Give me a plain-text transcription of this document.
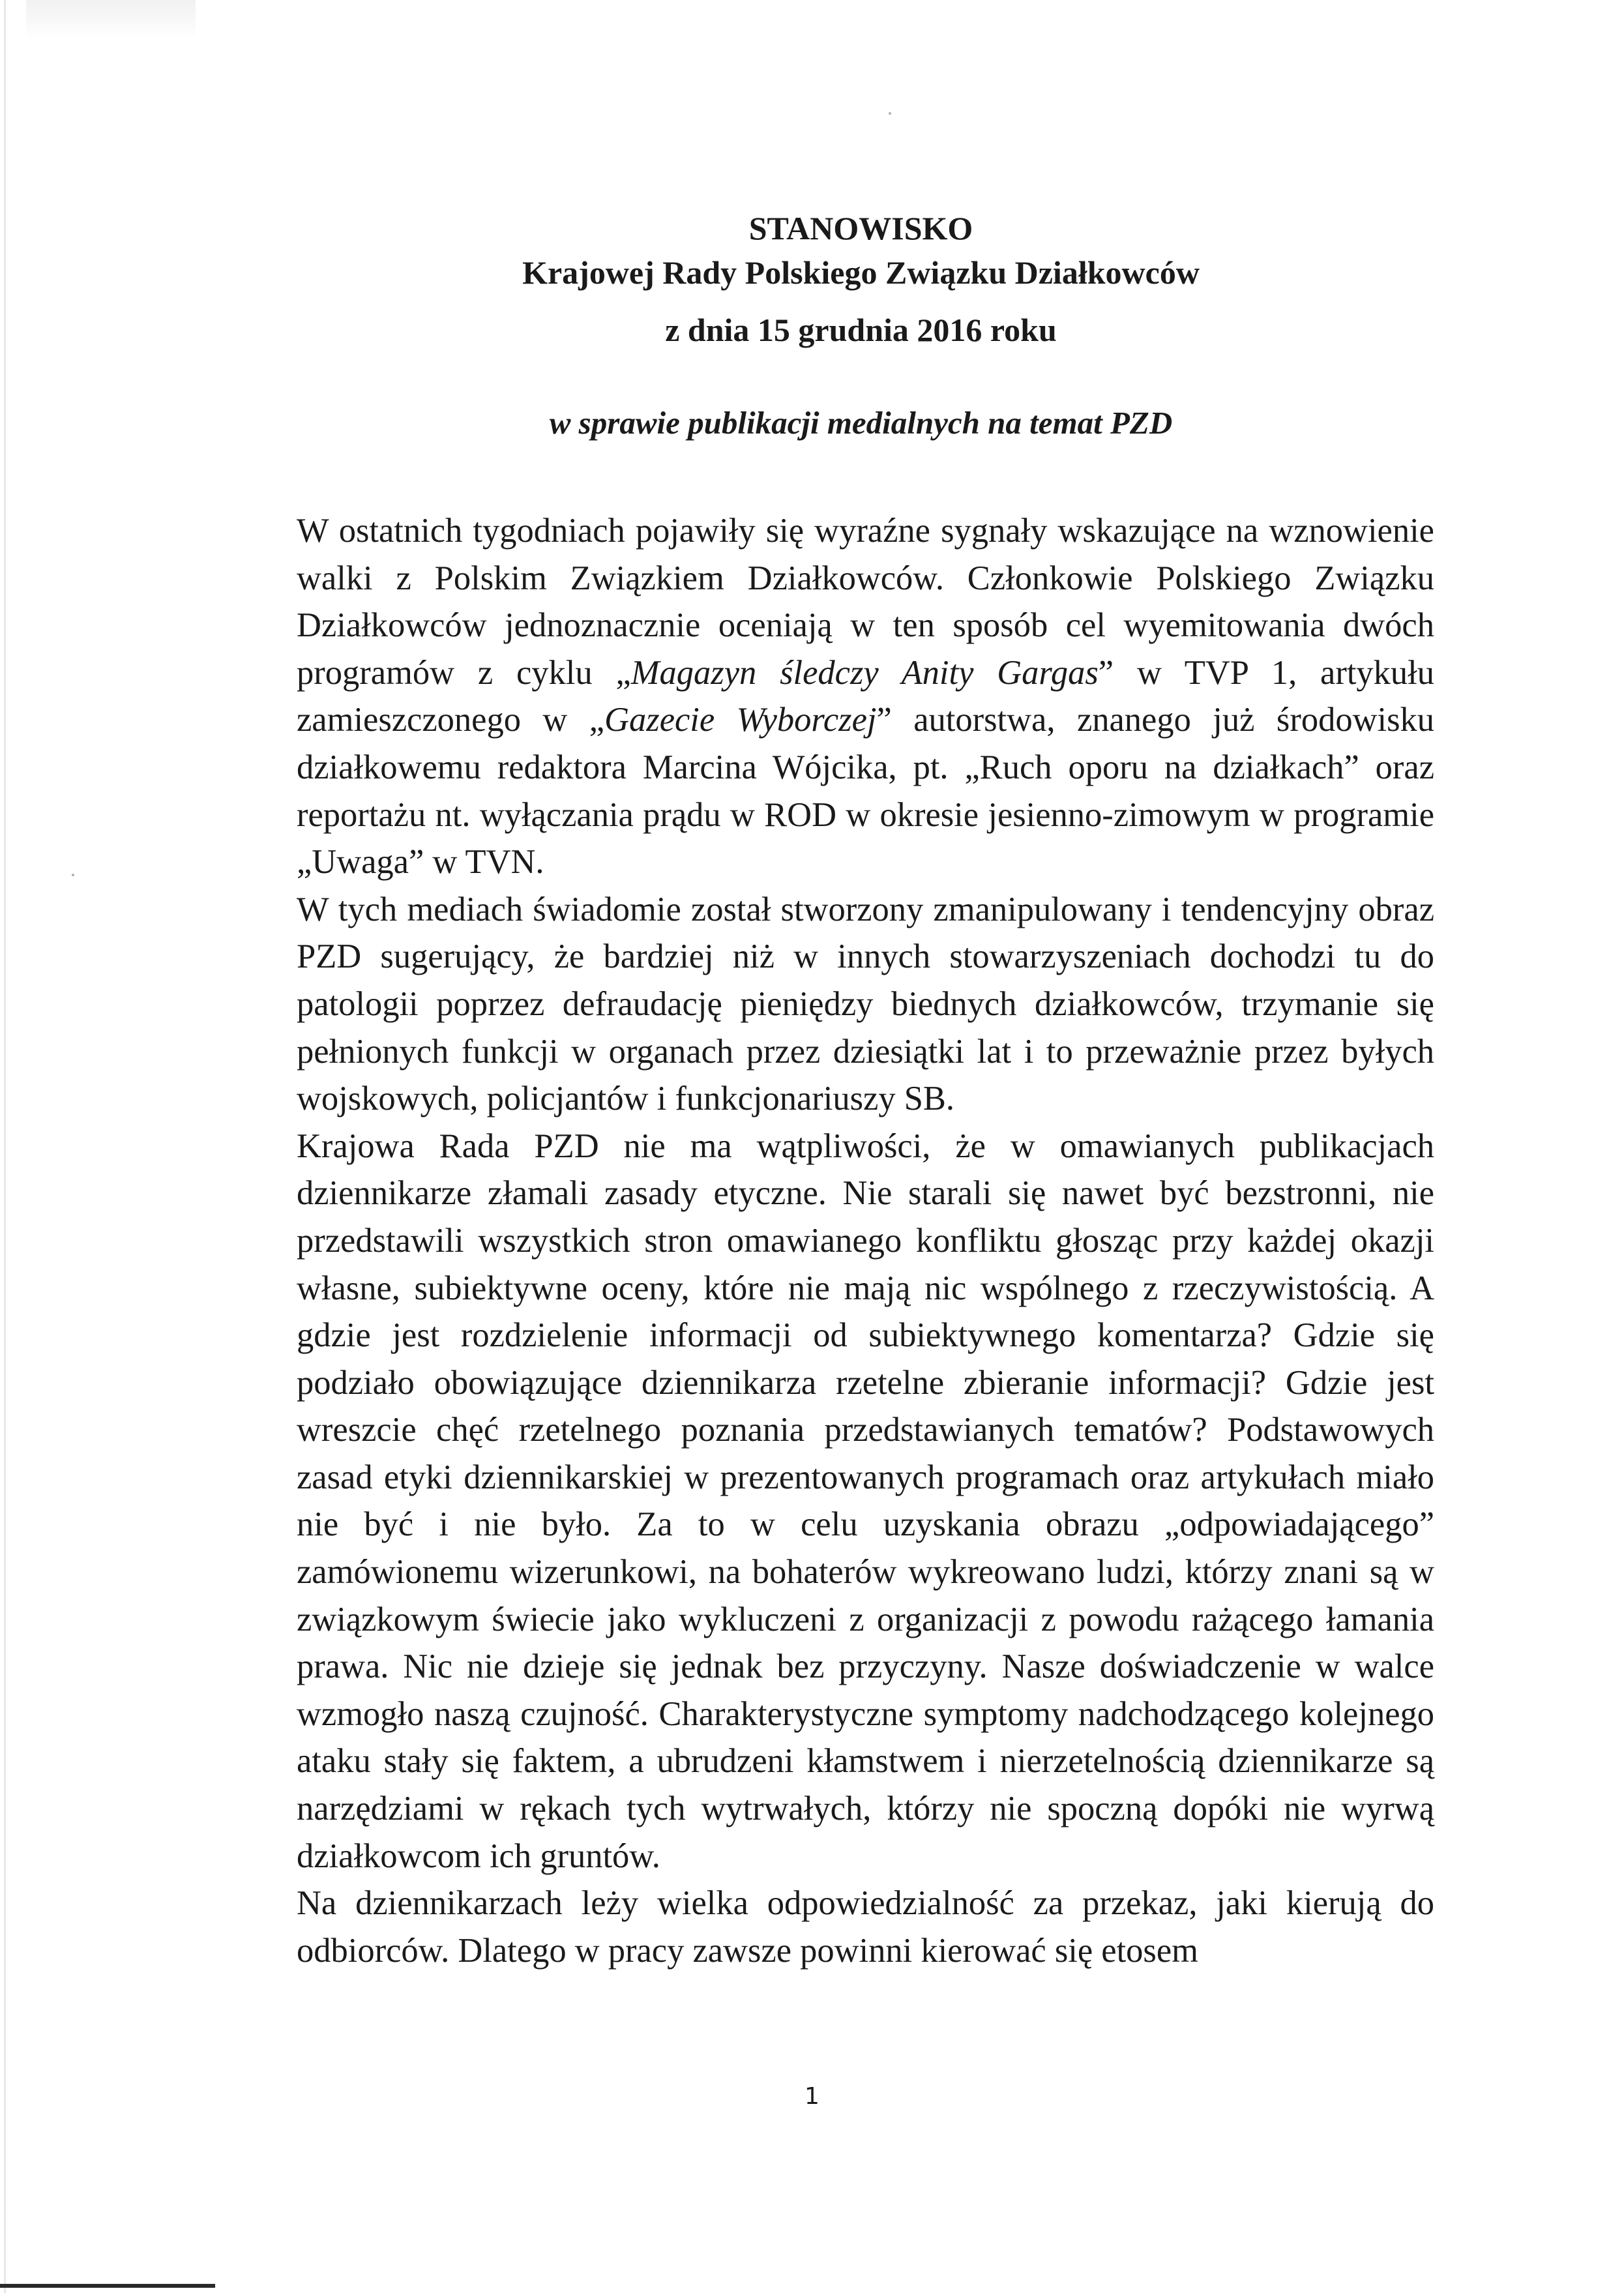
STANOWISKO
Krajowej Rady Polskiego Związku Działkowców
z dnia 15 grudnia 2016 roku
w sprawie publikacji medialnych na temat PZD

W ostatnich tygodniach pojawiły się wyraźne sygnały wskazujące na wznowienie walki z Polskim Związkiem Działkowców. Członkowie Polskiego Związku Działkowców jednoznacznie oceniają w ten sposób cel wyemitowania dwóch programów z cyklu „Magazyn śledczy Anity Gargas” w TVP 1, artykułu zamieszczonego w „Gazecie Wyborczej” autorstwa, znanego już środowisku działkowemu redaktora Marcina Wójcika, pt. „Ruch oporu na działkach” oraz reportażu nt. wyłączania prądu w ROD w okresie jesienno-zimowym w programie „Uwaga” w TVN.

W tych mediach świadomie został stworzony zmanipulowany i tendencyjny obraz PZD sugerujący, że bardziej niż w innych stowarzyszeniach dochodzi tu do patologii poprzez defraudację pieniędzy biednych działkowców, trzymanie się pełnionych funkcji w organach przez dziesiątki lat i to przeważnie przez byłych wojskowych, policjantów i funkcjonariuszy SB.

Krajowa Rada PZD nie ma wątpliwości, że w omawianych publikacjach dziennikarze złamali zasady etyczne. Nie starali się nawet być bezstronni, nie przedstawili wszystkich stron omawianego konfliktu głosząc przy każdej okazji własne, subiektywne oceny, które nie mają nic wspólnego z rzeczywistością. A gdzie jest rozdzielenie informacji od subiektywnego komentarza? Gdzie się podziało obowiązujące dziennikarza rzetelne zbieranie informacji? Gdzie jest wreszcie chęć rzetelnego poznania przedstawianych tematów? Podstawowych zasad etyki dziennikarskiej w prezentowanych programach oraz artykułach miało nie być i nie było. Za to w celu uzyskania obrazu „odpowiadającego” zamówionemu wizerunkowi, na bohaterów wykreowano ludzi, którzy znani są w związkowym świecie jako wykluczeni z organizacji z powodu rażącego łamania prawa. Nic nie dzieje się jednak bez przyczyny. Nasze doświadczenie w walce wzmogło naszą czujność. Charakterystyczne symptomy nadchodzącego kolejnego ataku stały się faktem, a ubrudzeni kłamstwem i nierzetelnością dziennikarze są narzędziami w rękach tych wytrwałych, którzy nie spoczną dopóki nie wyrwą działkowcom ich gruntów.

Na dziennikarzach leży wielka odpowiedzialność za przekaz, jaki kierują do odbiorców. Dlatego w pracy zawsze powinni kierować się etosem

1
